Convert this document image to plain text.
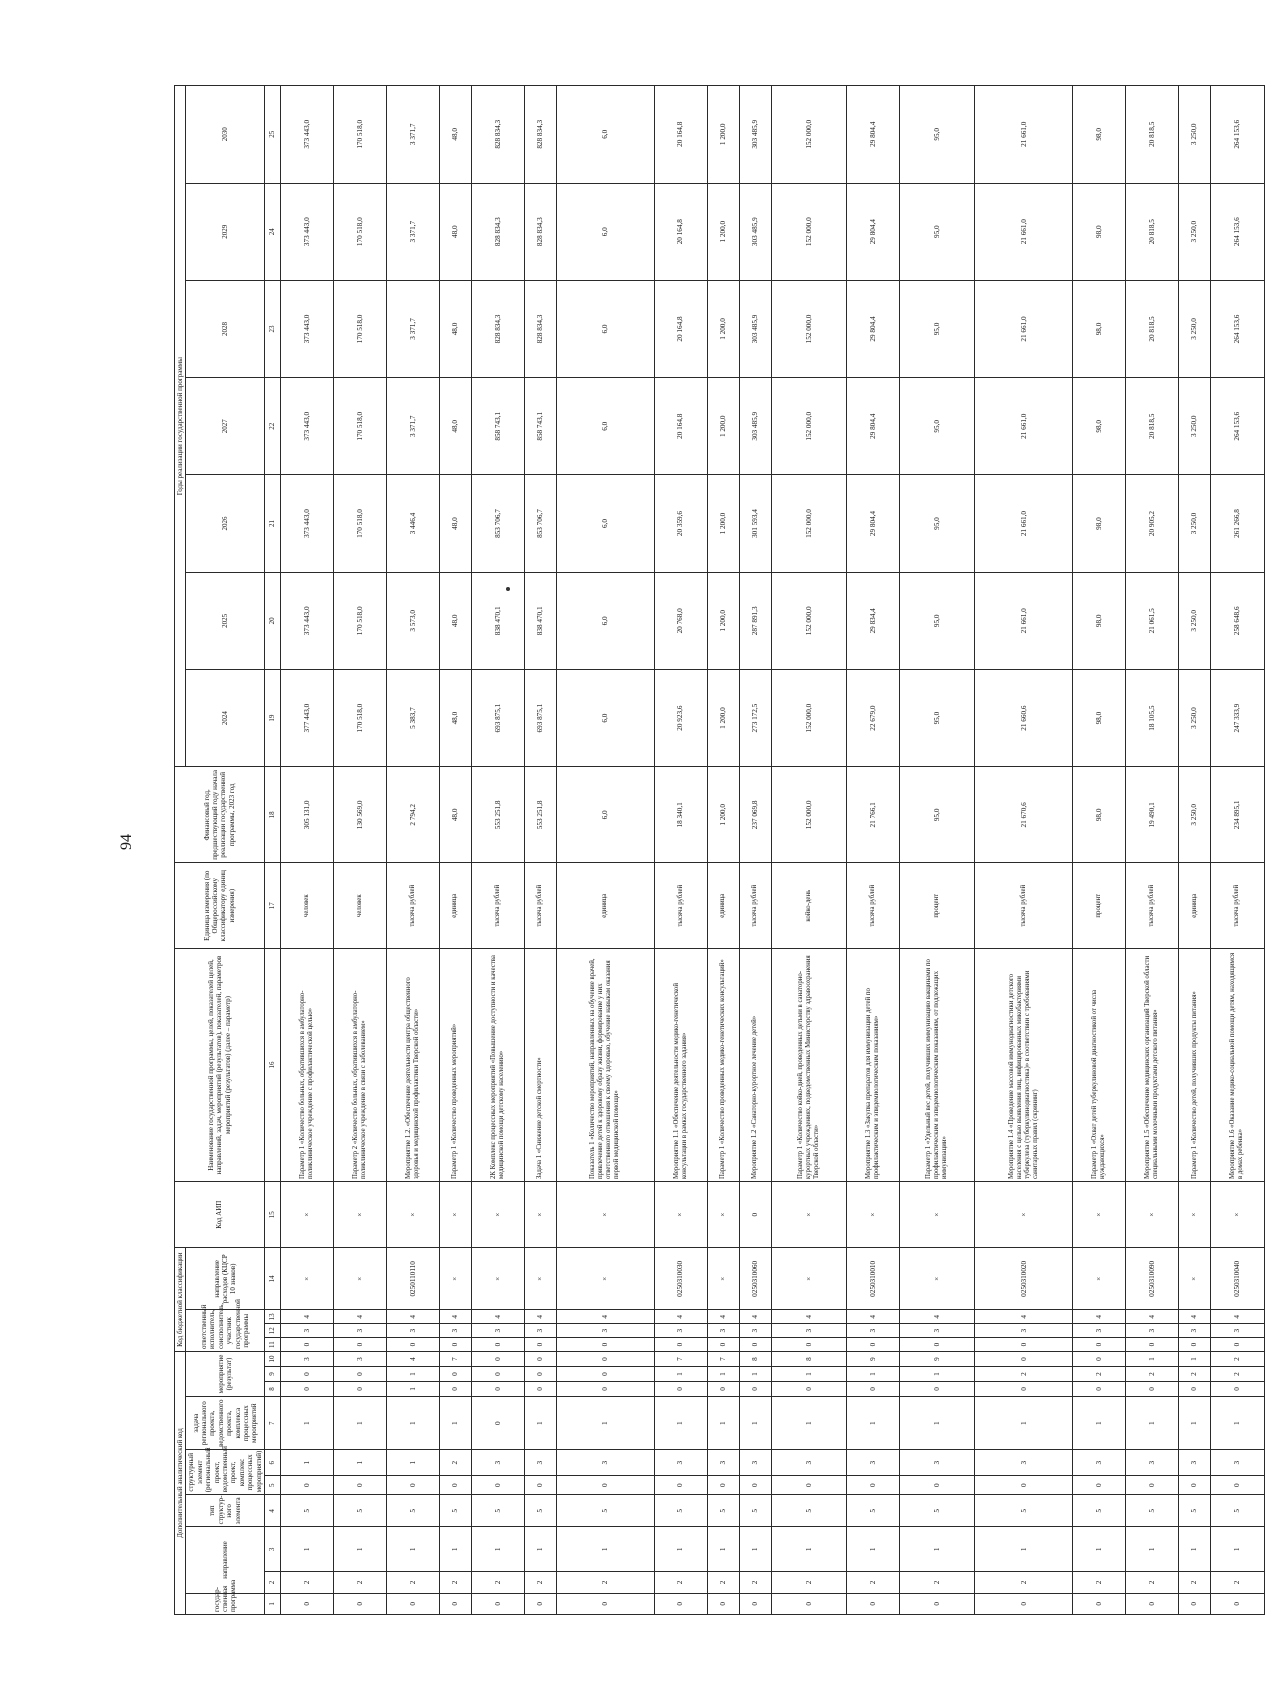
94
Дополнительный аналитический код										Код бюджетной классификации				Код АИП	Наименование государственной программы, целей, показателей целей, направлений, задач, мероприятий (результатов), показателей, параметров мероприятий (результатов) (далее – параметр)	Единица измерения (по Общероссийскому классификатору единиц измерения)	Финансовый год, предшествующий году начала реализации государственной программы, 2023 год	Годы реализации государственной программы						
государ-ственная программа	направление		тип структур-ного элемента	структурный элемент (региональный проект, ведомственный проект, комплекс процессных мероприятий)		задача регионального проекта, ведомственного проекта, комплекса процессных мероприятий	мероприятие (результат)			ответственный исполнитель, соисполнитель, участник государственной программы			направление расходов (КЦСР 10 знаков)					2024	2025	2026	2027	2028	2029	2030

1	2	3	4	5	6	7	8	9	10	11	12	13	14	15	16	17	18	19	20	21	22	23	24	25
0	2	1	5	0	1	1	0	0	3	0	3	4	×	×	Параметр 1 «Количество больных, обратившихся в амбулаторно-поликлиническое учреждение с профилактической целью»	человек	305 131,0	377 443,0	373 443,0	373 443,0	373 443,0	373 443,0	373 443,0	373 443,0
0	2	1	5	0	1	1	0	0	3	0	3	4	×	×	Параметр 2 «Количество больных, обратившихся в амбулаторно-поликлиническое учреждение в связи с заболеванием»	человек	130 569,0	170 518,0	170 518,0	170 518,0	170 518,0	170 518,0	170 518,0	170 518,0
0	2	1	5	0	1	1	1	1	4	0	3	4	0250110110	×	Мероприятие 1.2. «Обеспечение деятельности центра общественного здоровья и медицинской профилактики Тверской области»	тысяча рублей	2 794,2	5 383,7	3 573,0	3 446,4	3 371,7	3 371,7	3 371,7	3 371,7
0	2	1	5	0	2	1	0	0	7	0	3	4	×	×	Параметр 1 «Количество проведенных мероприятий»	единица	48,0	48,0	48,0	48,0	48,0	48,0	48,0	48,0
0	2	1	5	0	3	0	0	0	0	0	3	4	×	×	2К Комплекс процессных мероприятий «Повышение доступности и качества медицинской помощи детскому населению»	тысяча рублей	553 251,8	693 875,1	838 470,1	853 706,7	858 743,1	828 834,3	828 834,3	828 834,3
0	2	1	5	0	3	1	0	0	0	0	3	4	×	×	Задача 1 «Снижение детской смертности»	тысяча рублей	553 251,8	693 875,1	838 470,1	853 706,7	858 743,1	828 834,3	828 834,3	828 834,3
0	2	1	5	0	3	1	0	0	0	0	3	4	×	×	Показатель 1 «Количество мероприятий, направленных на обучение врачей, привлечение детей к здоровому образу жизни, формирование у них ответственного отношения к своему здоровью, обучение навыкам оказания первой медицинской помощи»	единица	6,0	6,0	6,0	6,0	6,0	6,0	6,0	6,0
0	2	1	5	0	3	1	0	1	7	0	3	4	0250310030	×	Мероприятие 1.1 «Обеспечение деятельности медико-генетической консультации в рамках государственного задания»	тысяча рублей	18 340,1	20 923,6	20 768,0	20 359,6	20 164,8	20 164,8	20 164,8	20 164,8
0	2	1	5	0	3	1	0	1	7	0	3	4	×	×	Параметр 1 «Количество проведенных медико-генетических консультаций»	единица	1 200,0	1 200,0	1 200,0	1 200,0	1 200,0	1 200,0	1 200,0	1 200,0
0	2	1	5	0	3	1	0	1	8	0	3	4	0250310060	0	Мероприятие 1.2 «Санаторно-курортное лечение детей»	тысяча рублей	237 069,8	273 172,5	287 891,3	301 593,4	303 485,9	303 485,9	303 485,9	303 485,9
0	2	1	5	0	3	1	0	1	8	0	3	4	×	×	Параметр 1 «Количество койко-дней, проведенных детьми в санаторно-курортных учреждениях, подведомственных Министерству здравоохранения Тверской области»	койко-день	152 000,0	152 000,0	152 000,0	152 000,0	152 000,0	152 000,0	152 000,0	152 000,0
0	2	1	5	0	3	1	0	1	9	0	3	4	0250310010	×	Мероприятие 1.3 «Закупка препаратов для иммунизации детей по профилактическим и эпидемиологическим показаниям»	тысяча рублей	21 766,1	22 679,0	29 834,4	29 804,4	29 804,4	29 804,4	29 804,4	29 804,4
0	2	1	5	0	3	1	0	1	9	0	3	4	×	×	Параметр 1 «Удельный вес детей, получивших иммунизацию вакцинами по профилактическим и эпидемиологическим показаниям, от подлежащих иммунизации»	процент	95,0	95,0	95,0	95,0	95,0	95,0	95,0	95,0
0	2	1	5	0	3	1	0	2	0	0	3	4	0250310020	×	Мероприятие 1.4 «Проведение массовой иммунодиагностики детского населения с целью выявления лиц, инфицированных микобактериями туберкулеза (туберкулинодиагностика)» в соответствии с требованиями санитарных правил (скрининг)	тысяча рублей	21 670,6	21 660,6	21 661,0	21 661,0	21 661,0	21 661,0	21 661,0	21 661,0
0	2	1	5	0	3	1	0	2	0	0	3	4	×	×	Параметр 1 «Охват детей туберкулиновой диагностикой от числа нуждающихся»	процент	98,0	98,0	98,0	98,0	98,0	98,0	98,0	98,0
0	2	1	5	0	3	1	0	2	1	0	3	4	0250310090	×	Мероприятие 1.5 «Обеспечение медицинских организаций Тверской области специальными молочными продуктами детского питания»	тысяча рублей	19 490,1	18 105,5	21 061,5	20 905,2	20 818,5	20 818,5	20 818,5	20 818,5
0	2	1	5	0	3	1	0	2	1	0	3	4	×	×	Параметр 1 «Количество детей, получивших продукты питания»	единица	3 250,0	3 250,0	3 250,0	3 250,0	3 250,0	3 250,0	3 250,0	3 250,0
0	2	1	5	0	3	1	0	2	2	0	3	4	0250310040	×	Мероприятие 1.6 «Оказание медико-социальной помощи детям, находящимся в домах ребенка»	тысяча рублей	234 895,1	247 333,9	258 648,6	261 266,8	264 153,6	264 153,6	264 153,6	264 153,6
